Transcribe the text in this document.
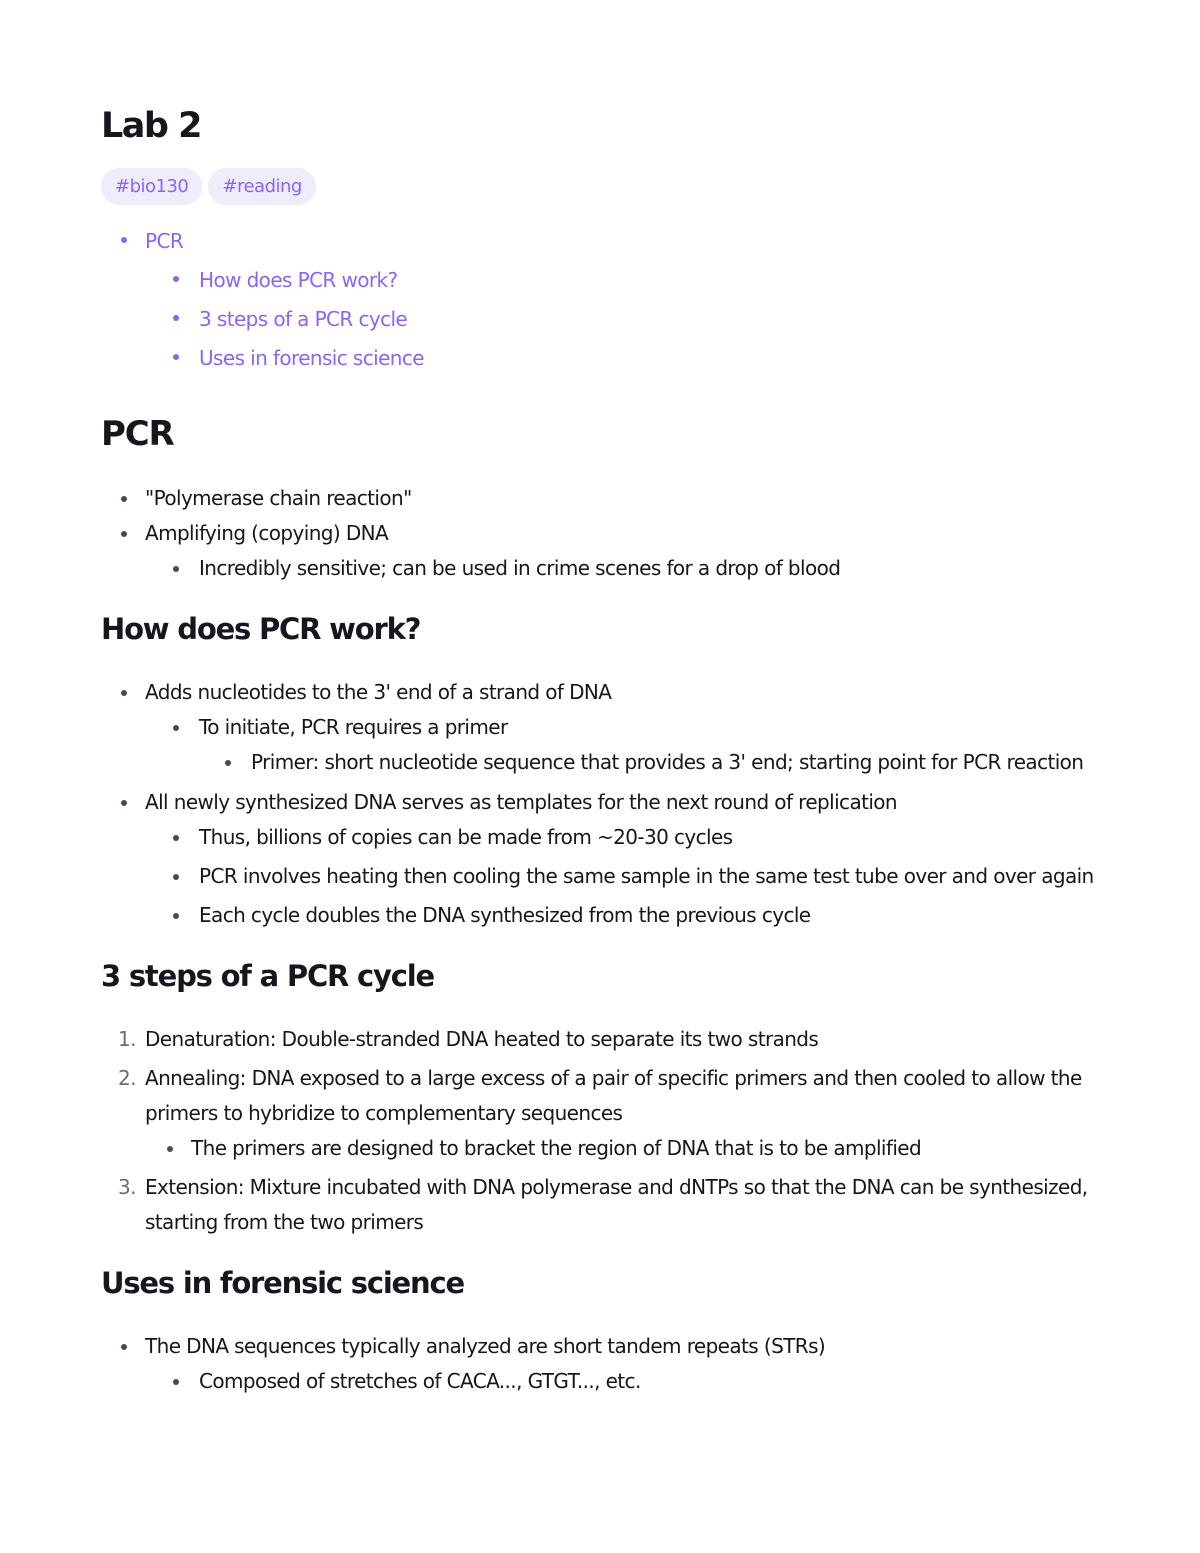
Lab 2
#bio130	#reading
PCR
How does PCR work?
3 steps of a PCR cycle
Uses in forensic science
PCR
"Polymerase chain reaction"
Amplifying (copying) DNA
Incredibly sensitive; can be used in crime scenes for a drop of blood
How does PCR work?
Adds nucleotides to the 3' end of a strand of DNA
To initiate, PCR requires a primer
Primer: short nucleotide sequence that provides a 3' end; starting point for PCR reaction
All newly synthesized DNA serves as templates for the next round of replication
Thus, billions of copies can be made from ~20-30 cycles
PCR involves heating then cooling the same sample in the same test tube over and over again
Each cycle doubles the DNA synthesized from the previous cycle
3 steps of a PCR cycle
1. Denaturation: Double-stranded DNA heated to separate its two strands
2. Annealing: DNA exposed to a large excess of a pair of specific primers and then cooled to allow the primers to hybridize to complementary sequences
The primers are designed to bracket the region of DNA that is to be amplified
3. Extension: Mixture incubated with DNA polymerase and dNTPs so that the DNA can be synthesized, starting from the two primers
Uses in forensic science
The DNA sequences typically analyzed are short tandem repeats (STRs)
Composed of stretches of CACA..., GTGT..., etc.
